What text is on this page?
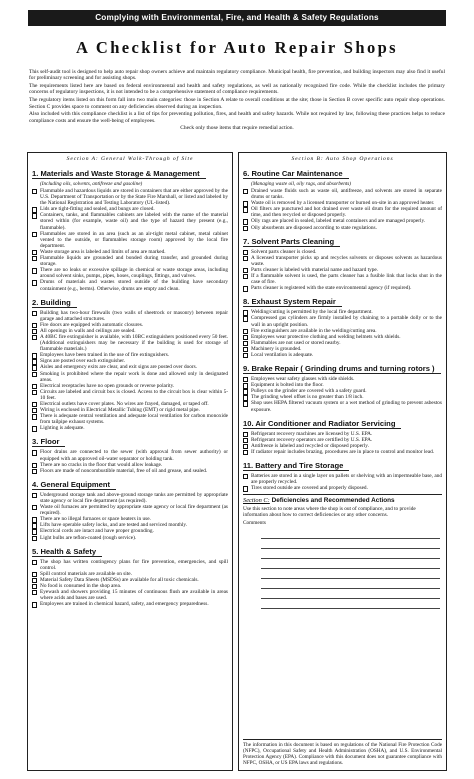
Complying with Environmental, Fire, and Health & Safety Regulations
A Checklist for Auto Repair Shops

This self-audit tool is designed to help auto repair shop owners achieve and maintain regulatory compliance. Municipal health, fire prevention, and building inspectors may also find it useful for preliminary screening and for assisting shops.

The requirements listed here are based on federal environmental and health and safety regulations, as well as nationally recognized fire code. While the checklist includes the primary concerns of regulatory inspections, it is not intended to be a comprehensive statement of compliance requirements.

The regulatory items listed on this form fall into two main categories: those in Section A relate to overall conditions at the site; those in Section B cover specific auto repair shop operations. Section C provides space to comment on any deficiencies observed during an inspection.

Also included with this compliance checklist is a list of tips for preventing pollution, fires, and health and safety hazards. While not required by law, following these practices helps to reduce compliance costs and ensure the well-being of employees.

Check only those items that require remedial action.

Section A: General Walk-Through of Site
1. Materials and Waste Storage & Management
(Including oils, solvents, antifreeze and gasoline)
Flammable and hazardous liquids are stored in containers that are either approved by the U.S. Department of Transportation or by the State Fire Marshall, or listed and labeled by the National Registration and Testing Laboratory (UL-listed).
Lids are tight-fitting and sealed, and bungs are closed.
Containers, tanks, and flammables cabinets are labeled with the name of the material stored within (for example, waste oil) and the type of hazard they present (e.g., flammable).
Flammables are stored in an area (such as an air-tight metal cabinet, metal cabinet vented to the outside, or flammables storage room) approved by the local fire department.
Waste storage area is labeled and limits of area are marked.
Flammable liquids are grounded and bonded during transfer, and grounded during storage.
There are no leaks or excessive spillage in chemical or waste storage areas, including around solvent sinks, pumps, pipes, hoses, couplings, fittings, and valves.
Drums of materials and wastes stored outside of the building have secondary containment (e.g., berms). Otherwise, drums are empty and clean.
2. Building
Building has two-hour firewalls (two walls of sheetrock or masonry) between repair garage and attached structures.
Fire doors are equipped with automatic closures.
All openings in walls and ceilings are sealed.
A 40BC fire extinguisher is available, with 10BC extinguishers positioned every 50 feet. (Additional extinguishers may be necessary if the building is used for storage of flammable materials.)
Employees have been trained in the use of fire extinguishers.
Signs are posted over each extinguisher.
Aisles and emergency exits are clear, and exit signs are posted over doors.
Smoking is prohibited where the repair work is done and allowed only in designated areas.
Electrical receptacles have no open grounds or reverse polarity.
Circuits are labeled and circuit box is closed. Access to the circuit box is clear within 5-10 feet.
Electrical outlets have cover plates. No wires are frayed, damaged, or taped off.
Wiring is enclosed in Electrical Metallic Tubing (EMT) or rigid metal pipe.
There is adequate central ventilation and adequate local ventilation for carbon monoxide from tailpipe exhaust systems.
Lighting is adequate.
3. Floor
Floor drains are connected to the sewer (with approval from sewer authority) or equipped with an approved oil-water separator or holding tank.
There are no cracks in the floor that would allow leakage.
Floors are made of noncombustible material, free of oil and grease, and sealed.
4. General Equipment
Underground storage tank and above-ground storage tanks are permitted by appropriate state agency or local fire department (as required).
Waste oil furnaces are permitted by appropriate state agency or local fire department (as required).
There are no illegal furnaces or space heaters in use.
Lifts have operable safety locks, and are tested and serviced monthly.
Electrical cords are intact and have proper grounding.
Light bulbs are teflon-coated (rough service).
5. Health & Safety
The shop has written contingency plans for fire prevention, emergencies, and spill control.
Spill control materials are available on site.
Material Safety Data Sheets (MSDSs) are available for all toxic chemicals.
No food is consumed in the shop area.
Eyewash and showers providing 15 minutes of continuous flush are available in areas where acids and bases are used.
Employees are trained in chemical hazard, safety, and emergency preparedness.
Section B: Auto Shop Operations
6. Routine Car Maintenance
(Managing waste oil, oily rags, and absorbents)
Drained waste fluids such as waste oil, antifreeze, and solvents are stored in separate drums or tanks.
Waste oil is removed by a licensed transporter or burned on-site in an approved heater.
Oil filters are punctured and hot drained over waste oil drum for the required amount of time, and then recycled or disposed properly.
Oily rags are placed in sealed, labeled metal containers and are managed properly.
Oily absorbents are disposed according to state regulations.
7. Solvent Parts Cleaning
Solvent parts cleaner is closed.
A licensed transporter picks up and recycles solvents or disposes solvents as hazardous waste.
Parts cleaner is labeled with material name and hazard type.
If a flammable solvent is used, the parts cleaner has a fusible link that locks shut in the case of fire.
Parts cleaner is registered with the state environmental agency (if required).
8. Exhaust System Repair
Welding/cutting is permitted by the local fire department.
Compressed gas cylinders are firmly installed by chaining to a portable dolly or to the wall in an upright position.
Fire extinguishers are available in the welding/cutting area.
Employees wear protective clothing and welding helmets with shields.
Flammables are not used or stored nearby.
Machinery is grounded.
Local ventilation is adequate.
9. Brake Repair ( Grinding drums and turning rotors )
Employees wear safety glasses with side shields.
Equipment is bolted into the floor.
Pulleys on the grinder are covered with a safety guard.
The grinding wheel offset is no greater than 1/8 inch.
Shop uses HEPA filtered vacuum system or a wet method of grinding to prevent asbestos exposure.
10. Air Conditioner and Radiator Servicing
Refrigerant recovery machines are licensed by U.S. EPA.
Refrigerant recovery operators are certified by U.S. EPA.
Antifreeze is labeled and recycled or disposed properly.
If radiator repair includes brazing, procedures are in place to control and monitor lead.
11. Battery and Tire Storage
Batteries are stored in a single layer on pallets or shelving with an impermeable base, and are properly recycled.
Tires stored outside are covered and properly disposed.
Section C: Deficiencies and Recommended Actions

Use this section to note areas where the shop is out of compliance, and to provide information about how to correct deficiencies or any other concerns.

Comments

The information in this document is based on regulations of the National Fire Protection Code (NFPC), Occupational Safety and Health Administration (OSHA), and U.S. Environmental Protection Agency (EPA). Compliance with this document does not guarantee compliance with NFPC, OSHA, or US EPA laws and regulations.
